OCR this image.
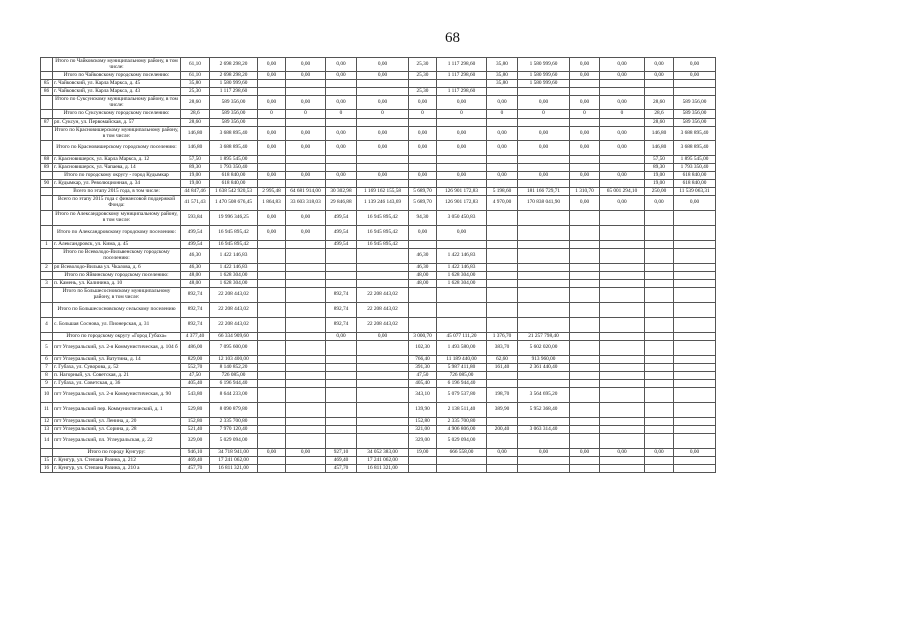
68
	Итого по Чайковскому муниципальному району, в том числе:	61,10	2 698 298,20	0,00	0,00	0,00	0,00	25,30	1 117 298,60	35,80	1 580 999,60	0,00	0,00	0,00	0,00
	Итого по Чайковскому городскому поселению:	61,10	2 698 298,20	0,00	0,00	0,00	0,00	25,30	1 117 298,60	35,80	1 580 999,60	0,00	0,00	0,00	0,00
85	г. Чайковский, ул. Карла Маркса, д. 45	35,80	1 580 999,60							35,80	1 580 999,60				
86	г. Чайковский, ул. Карла Маркса, д. 43	25,30	1 117 298,60					25,30	1 117 298,60						
	Итого по Суксунскому муниципальному району, в том числе:	28,60	589 356,00	0,00	0,00	0,00	0,00	0,00	0,00	0,00	0,00	0,00	0,00	28,60	589 356,00
	Итого по Суксунскому городскому поселению:	28,6	589 356,00	0	0	0	0	0	0	0	0	0	0	28,6	589 356,00
87	рп. Суксун, ул. Первомайская, д. 57	28,60	589 356,00											28,60	589 356,00
	Итого по Красновишерскому муниципальному району, в том числе:	146,80	3 688 895,40	0,00	0,00	0,00	0,00	0,00	0,00	0,00	0,00	0,00	0,00	146,80	3 688 895,40
	Итого по Красновишерскому городскому поселению:	146,80	3 688 895,40	0,00	0,00	0,00	0,00	0,00	0,00	0,00	0,00	0,00	0,00	146,80	3 688 895,40
88	г. Красновишерск, ул. Карла Маркса, д. 12	57,50	1 895 545,00											57,50	1 895 545,00
89	г. Красновишерск, ул. Чапаева, д. 14	89,30	1 793 350,40											89,30	1 793 350,40
	Итого по городскому округу - город Кудымкар	19,00	618 840,00	0,00	0,00	0,00	0,00	0,00	0,00	0,00	0,00	0,00	0,00	19,00	618 840,00
90	г. Кудымкар, ул. Революционная, д. 34	19,00	618 840,00											19,00	618 840,00
	Всего по этапу 2015 года, в том числе:	44 847,46	1 638 542 920,53	2 995,48	64 681 914,00	30 302,98	1 169 162 155,58	5 689,70	126 901 172,83	5 198,60	181 166 729,71	1 310,70	65 001 294,10	250,00	11 539 063,31
	Всего по этапу 2015 года с финансовой поддержкой Фонда:	41 571,43	1 470 508 676,45	1 864,83	33 603 318,03	29 846,88	1 139 246 143,69	5 689,70	126 901 172,83	4 970,00	170 838 041,90	0,00	0,00	0,00	0,00
	Итого по Александровскому муниципальному району, в том числе:	593,84	19 996 346,25	0,00	0,00	499,54	16 945 895,42	94,30	3 050 450,83						
	Итого по Александровскому городскому поселению:	499,54	16 945 895,42	0,00	0,00	499,54	16 945 895,42	0,00	0,00						
1	г. Александровск, ул. Кима, д. 45	499,54	16 945 895,42			499,54	16 945 895,42								
	Итого по Всеволодо-Вильвенскому городскому поселению:	46,30	1 422 146,83					46,30	1 422 146,83						
2	рп Всеволодо-Вильва ул. Чкалова, д. 6	46,30	1 422 146,83					46,30	1 422 146,83						
	Итого по Яйвинскому городскому поселению:	48,00	1 628 304,00					48,00	1 628 304,00						
3	п. Камень, ул. Калинина, д. 10	48,00	1 628 304,00					48,00	1 628 304,00						
	Итого по Большесосновскому муниципальному району, в том числе:	892,74	22 208 443,02			892,74	22 208 443,02								
	Итого по Большесосновскому сельскому поселению	892,74	22 208 443,02			892,74	22 208 443,02								
4	с. Большая Соснова, ул. Пионерская, д. 31	892,74	22 208 443,02			892,74	22 208 443,02								
	Итого по городскому округу «Город Губаха»	4 377,40	66 334 909,60			0,00	0,00	3 000,70	45 077 111,20	1 376,70	21 257 798,40				
5	пгт Углеуральский, ул. 2-я Коммунистическая, д. 104 б	486,00	7 095 600,00					102,30	1 493 580,00	383,70	5 602 020,00				
6	пгт Углеуральский, ул. Ватутина, д. 14	829,00	12 103 400,00					766,40	11 189 440,00	62,60	913 960,00				
7	г. Губаха, ул. Суворова, д. 52	552,70	8 140 852,20					391,30	5 987 411,80	161,40	2 361 440,40				
8	п. Нагорный, ул. Советская, д. 21	47,50	726 085,00					47,50	726 085,00						
9	г. Губаха, ул. Советская, д. 36	405,40	6 196 944,40					405,40	6 196 944,40						
10	пгт Углеуральский, ул. 2-я Коммунистическая, д. 90	543,80	8 644 233,00					343,10	5 079 537,80	198,70	3 564 695,20				
11	пгт Углеуральский пер. Коммунистический, д. 1	529,80	8 090 879,80					139,90	2 138 511,40	389,90	5 952 368,40				
12	пгт Углеуральский, ул. Ленина, д. 20	152,80	2 335 700,80					152,80	2 335 700,80						
13	пгт Углеуральский, ул. Сорина, д. 28	521,40	7 970 120,40					321,00	4 906 806,00	200,40	3 063 314,40				
14	пгт Углеуральский, пл. Углеуральская, д. 22	329,00	5 029 094,00					329,00	5 029 094,00						
	Итого по городу Кунгуру:	946,10	34 718 941,00	0,00	0,00	927,10	34 052 383,00	19,00	666 558,00	0,00	0,00	0,00	0,00	0,00	0,00
15	г. Кунгур, ул. Степана Разина, д. 212	469,40	17 241 062,00			469,40	17 241 062,00								
16	г. Кунгур, ул. Степана Разина, д. 210 а	457,70	16 811 321,00			457,70	16 811 321,00								
